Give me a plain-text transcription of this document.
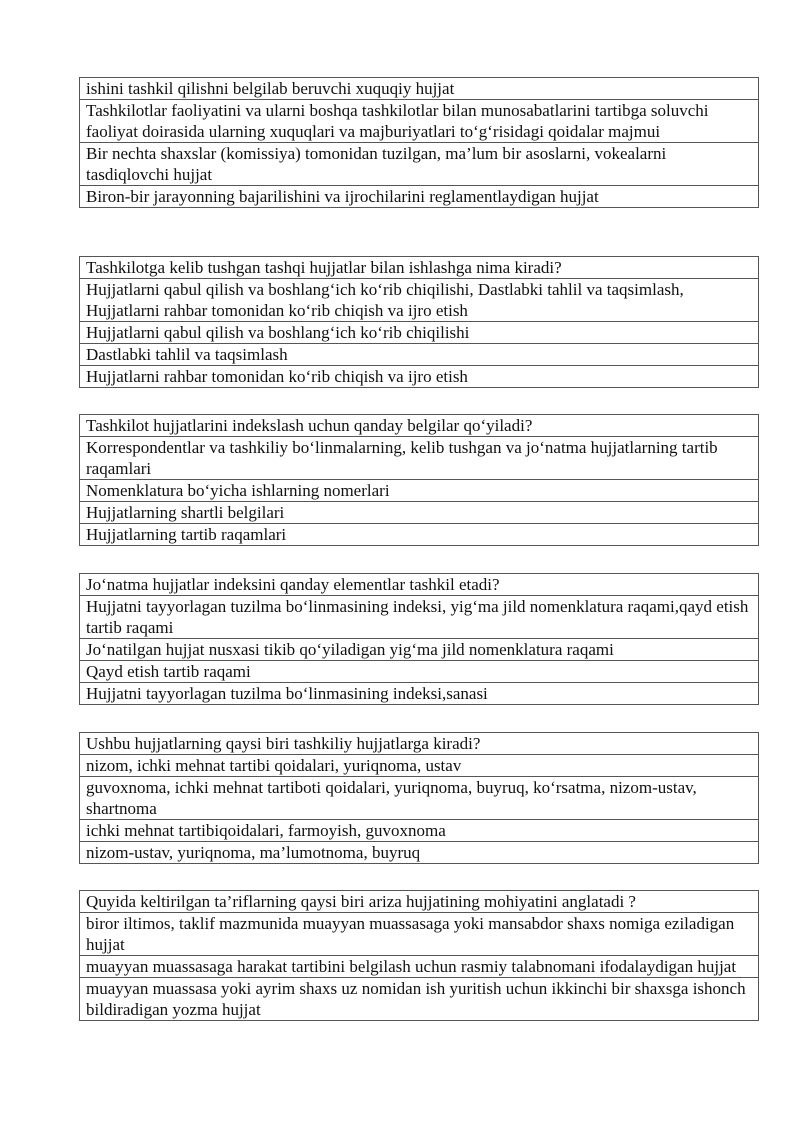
ishini tashkil qilishni belgilab beruvchi xuquqiy hujjat
Tashkilotlar faoliyatini va ularni boshqa tashkilotlar bilan munosabatlarini tartibga soluvchi faoliyat doirasida ularning xuquqlari va majburiyatlari to‘g‘risidagi qoidalar majmui
Bir nechta shaxslar (komissiya) tomonidan tuzilgan, ma’lum bir asoslarni, vokealarni tasdiqlovchi hujjat
Biron-bir jarayonning bajarilishini va ijrochilarini reglamentlaydigan hujjat
Tashkilotga kelib tushgan tashqi hujjatlar bilan ishlashga nima kiradi?
Hujjatlarni qabul qilish va boshlang‘ich ko‘rib chiqilishi, Dastlabki tahlil va taqsimlash, Hujjatlarni rahbar tomonidan ko‘rib chiqish va ijro etish
Hujjatlarni qabul qilish va boshlang‘ich ko‘rib chiqilishi
Dastlabki tahlil va taqsimlash
Hujjatlarni rahbar tomonidan ko‘rib chiqish va ijro etish
Tashkilot hujjatlarini indekslash uchun qanday belgilar qo‘yiladi?
Korrespondentlar va tashkiliy bo‘linmalarning, kelib tushgan va jo‘natma hujjatlarning tartib raqamlari
Nomenklatura bo‘yicha ishlarning nomerlari
Hujjatlarning shartli belgilari
Hujjatlarning tartib raqamlari
Jo‘natma hujjatlar indeksini qanday elementlar tashkil etadi?
Hujjatni tayyorlagan tuzilma bo‘linmasining indeksi, yig‘ma jild nomenklatura raqami,qayd etish tartib raqami
Jo‘natilgan hujjat nusxasi tikib qo‘yiladigan yig‘ma jild nomenklatura raqami
Qayd etish tartib raqami
Hujjatni tayyorlagan tuzilma bo‘linmasining indeksi,sanasi
Ushbu hujjatlarning qaysi biri tashkiliy hujjatlarga kiradi?
nizom, ichki mehnat tartibi qoidalari, yuriqnoma, ustav
guvoxnoma, ichki mehnat tartiboti qoidalari, yuriqnoma, buyruq, ko‘rsatma, nizom-ustav, shartnoma
ichki mehnat tartibiqoidalari, farmoyish, guvoxnoma
nizom-ustav, yuriqnoma, ma’lumotnoma, buyruq
Quyida keltirilgan ta’riflarning qaysi biri ariza hujjatining mohiyatini anglatadi ?
biror iltimos, taklif mazmunida muayyan muassasaga yoki mansabdor shaxs nomiga eziladigan hujjat
muayyan muassasaga harakat tartibini belgilash uchun rasmiy talabnomani ifodalaydigan hujjat
muayyan muassasa yoki ayrim shaxs uz nomidan ish yuritish uchun ikkinchi bir shaxsga ishonch bildiradigan yozma hujjat
